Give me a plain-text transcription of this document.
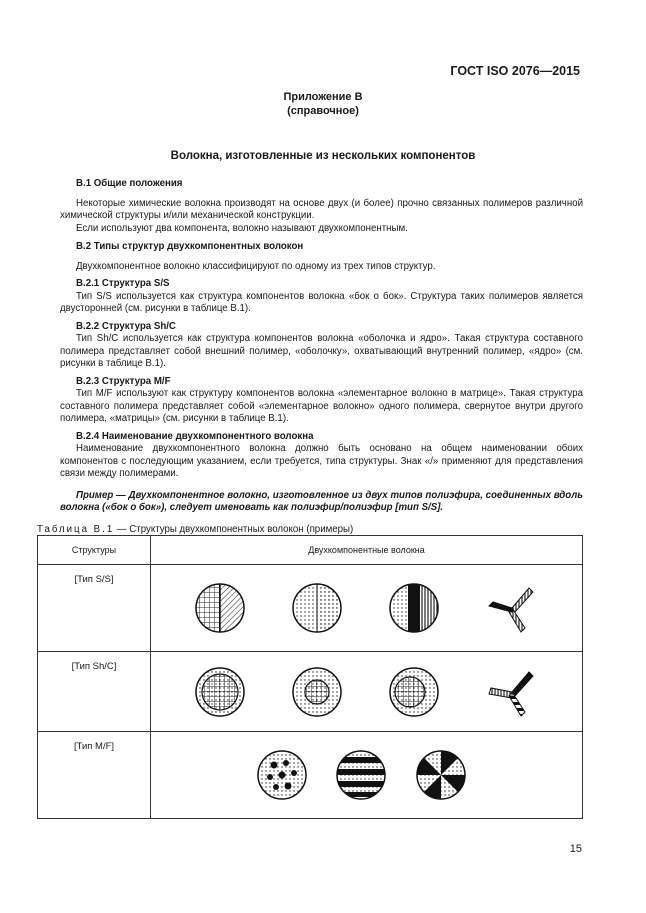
ГОСТ ISO 2076—2015
Приложение В
(справочное)
Волокна, изготовленные из нескольких компонентов

В.1 Общие положения

Некоторые химические волокна производят на основе двух (и более) прочно связанных полимеров различной химической структуры и/или механической конструкции.

Если используют два компонента, волокно называют двухкомпонентным.

В.2 Типы структур двухкомпонентных волокон

Двухкомпонентное волокно классифицируют по одному из трех типов структур.

В.2.1 Структура S/S

Тип S/S используется как структура компонентов волокна «бок о бок». Структура таких полимеров является двусторонней (см. рисунки в таблице В.1).

В.2.2 Структура Sh/C

Тип Sh/C используется как структура компонентов волокна «оболочка и ядро». Такая структура составного полимера представляет собой внешний полимер, «оболочку», охватывающий внутренний полимер, «ядро» (см. рисунки в таблице В.1).

В.2.3 Структура M/F

Тип M/F используют как структуру компонентов волокна «элементарное волокно в матрице». Такая структура составного полимера представляет собой «элементарное волокно» одного полимера, свернутое внутри другого полимера, «матрицы» (см. рисунки в таблице В.1).

В.2.4 Наименование двухкомпонентного волокна

Наименование двухкомпонентного волокна должно быть основано на общем наименовании обоих компонентов с последующим указанием, если требуется, типа структуры. Знак «/» применяют для представления связи между полимерами.

Пример — Двухкомпонентное волокно, изготовленное из двух типов полиэфира, соединенных вдоль волокна («бок о бок»), следует именовать как полиэфир/полиэфир [тип S/S].

Таблица В.1 — Структуры двухкомпонентных волокон (примеры)

Структуры	Двухкомпонентные волокна

[Тип S/S]

[Тип Sh/C]

[Тип M/F]

15
